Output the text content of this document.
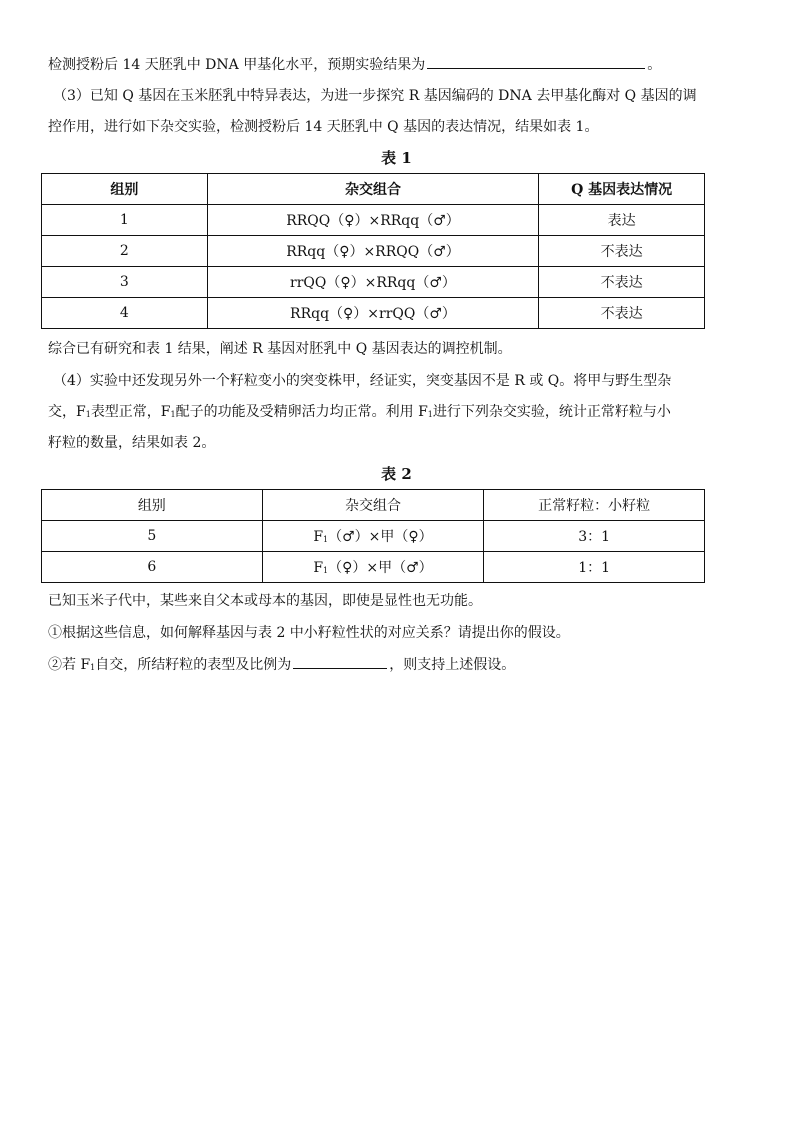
检测授粉后 14 天胚乳中 DNA 甲基化水平，预期实验结果为	。
（3）已知 Q 基因在玉米胚乳中特异表达，为进一步探究 R 基因编码的 DNA 去甲基化酶对 Q 基因的调
控作用，进行如下杂交实验，检测授粉后 14 天胚乳中 Q 基因的表达情况，结果如表 1。
表 1
组别	杂交组合	Q 基因表达情况
1	RRQQ（♀）×RRqq（♂）	表达
2	RRqq（♀）×RRQQ（♂）	不表达
3	rrQQ（♀）×RRqq（♂）	不表达
4	RRqq（♀）×rrQQ（♂）	不表达
综合已有研究和表 1 结果，阐述 R 基因对胚乳中 Q 基因表达的调控机制。
（4）实验中还发现另外一个籽粒变小的突变株甲，经证实，突变基因不是 R 或 Q。将甲与野生型杂
交，$F_1$表型正常，$F_1$配子的功能及受精卵活力均正常。利用 $F_1$进行下列杂交实验，统计正常籽粒与小
籽粒的数量，结果如表 2。
表 2
组别	杂交组合	正常籽粒：小籽粒
5	$F_1(♂)\times$甲（♀）	3：1
6	$F_1(♀)\times$甲（♂）	1：1
已知玉米子代中，某些来自父本或母本的基因，即使是显性也无功能。
①根据这些信息，如何解释基因与表 2 中小籽粒性状的对应关系？请提出你的假设。
②若 $F_1$自交，所结籽粒的表型及比例为	，则支持上述假设。
